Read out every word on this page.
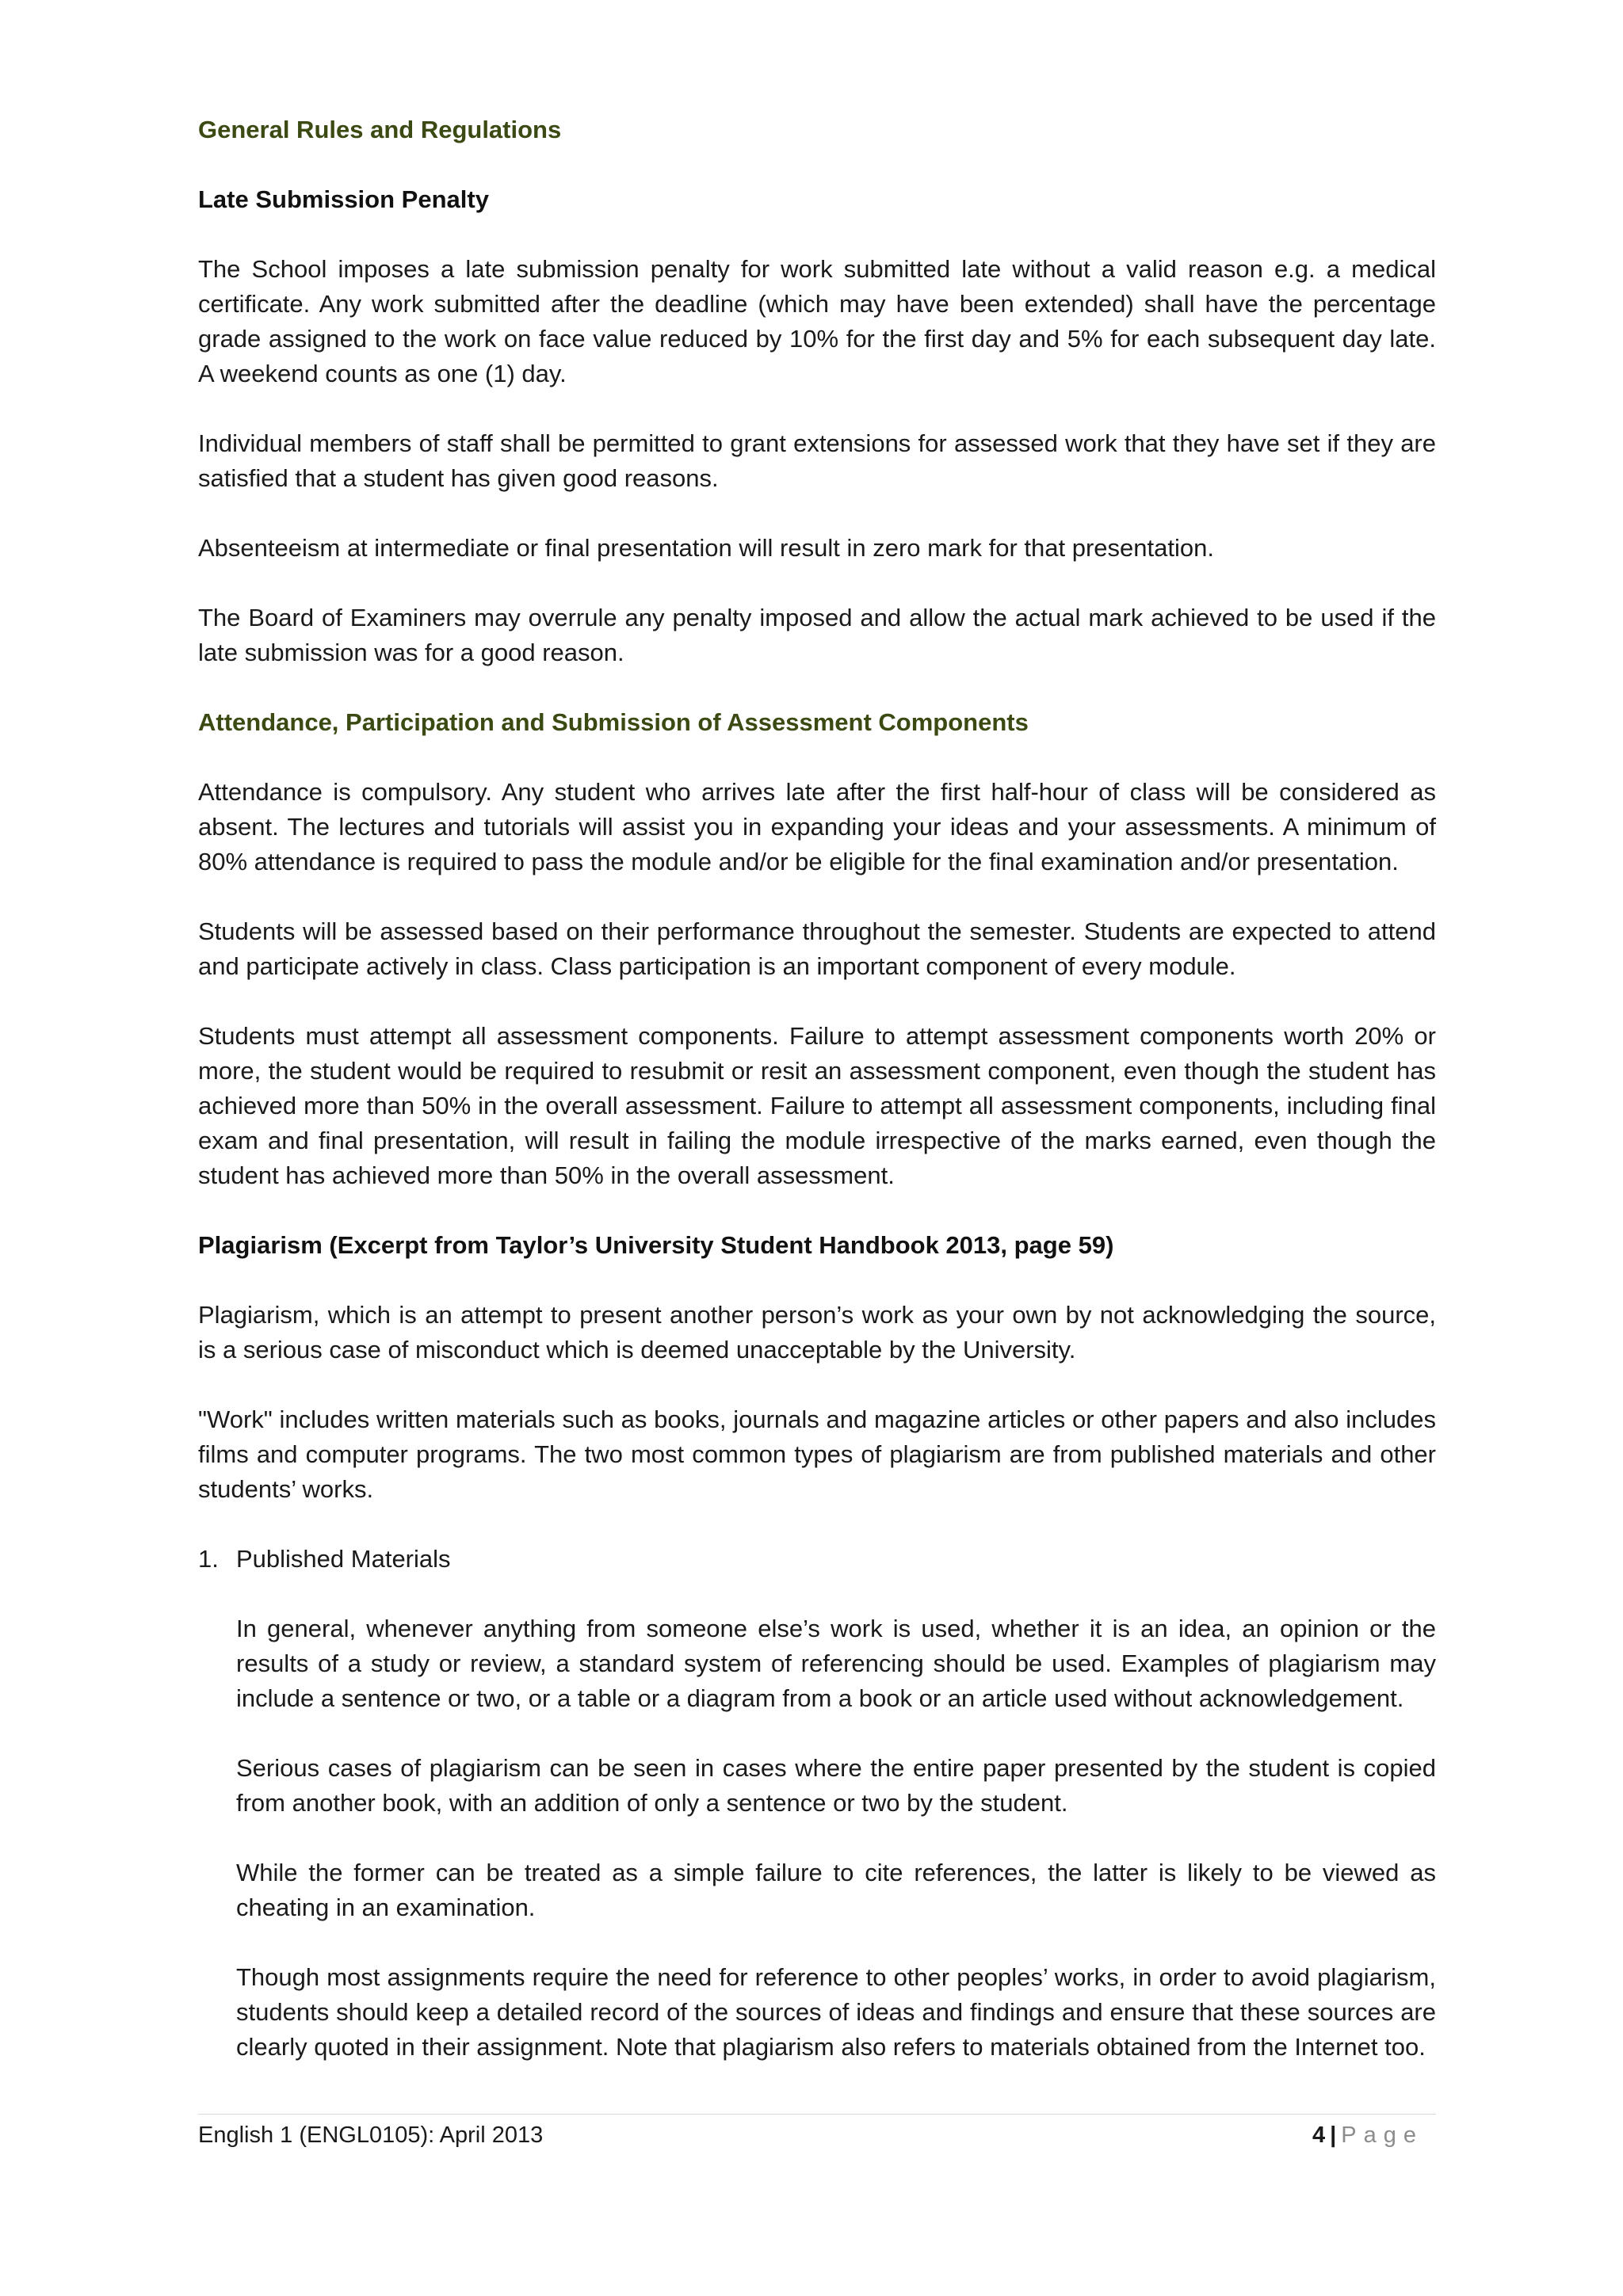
General Rules and Regulations

Late Submission Penalty

The School imposes a late submission penalty for work submitted late without a valid reason e.g. a medical certificate. Any work submitted after the deadline (which may have been extended) shall have the percentage grade assigned to the work on face value reduced by 10% for the first day and 5% for each subsequent day late. A weekend counts as one (1) day.

Individual members of staff shall be permitted to grant extensions for assessed work that they have set if they are satisfied that a student has given good reasons.

Absenteeism at intermediate or final presentation will result in zero mark for that presentation.

The Board of Examiners may overrule any penalty imposed and allow the actual mark achieved to be used if the late submission was for a good reason.

Attendance, Participation and Submission of Assessment Components

Attendance is compulsory. Any student who arrives late after the first half-hour of class will be considered as absent. The lectures and tutorials will assist you in expanding your ideas and your assessments. A minimum of 80% attendance is required to pass the module and/or be eligible for the final examination and/or presentation.

Students will be assessed based on their performance throughout the semester. Students are expected to attend and participate actively in class. Class participation is an important component of every module.

Students must attempt all assessment components. Failure to attempt assessment components worth 20% or more, the student would be required to resubmit or resit an assessment component, even though the student has achieved more than 50% in the overall assessment. Failure to attempt all assessment components, including final exam and final presentation, will result in failing the module irrespective of the marks earned, even though the student has achieved more than 50% in the overall assessment.

Plagiarism (Excerpt from Taylor’s University Student Handbook 2013, page 59)

Plagiarism, which is an attempt to present another person’s work as your own by not acknowledging the source, is a serious case of misconduct which is deemed unacceptable by the University.

"Work" includes written materials such as books, journals and magazine articles or other papers and also includes films and computer programs. The two most common types of plagiarism are from published materials and other students’ works.

1. Published Materials

In general, whenever anything from someone else’s work is used, whether it is an idea, an opinion or the results of a study or review, a standard system of referencing should be used. Examples of plagiarism may include a sentence or two, or a table or a diagram from a book or an article used without acknowledgement.

Serious cases of plagiarism can be seen in cases where the entire paper presented by the student is copied from another book, with an addition of only a sentence or two by the student.

While the former can be treated as a simple failure to cite references, the latter is likely to be viewed as cheating in an examination.

Though most assignments require the need for reference to other peoples’ works, in order to avoid plagiarism, students should keep a detailed record of the sources of ideas and findings and ensure that these sources are clearly quoted in their assignment. Note that plagiarism also refers to materials obtained from the Internet too.

English 1 (ENGL0105): April 2013	4 | Page
